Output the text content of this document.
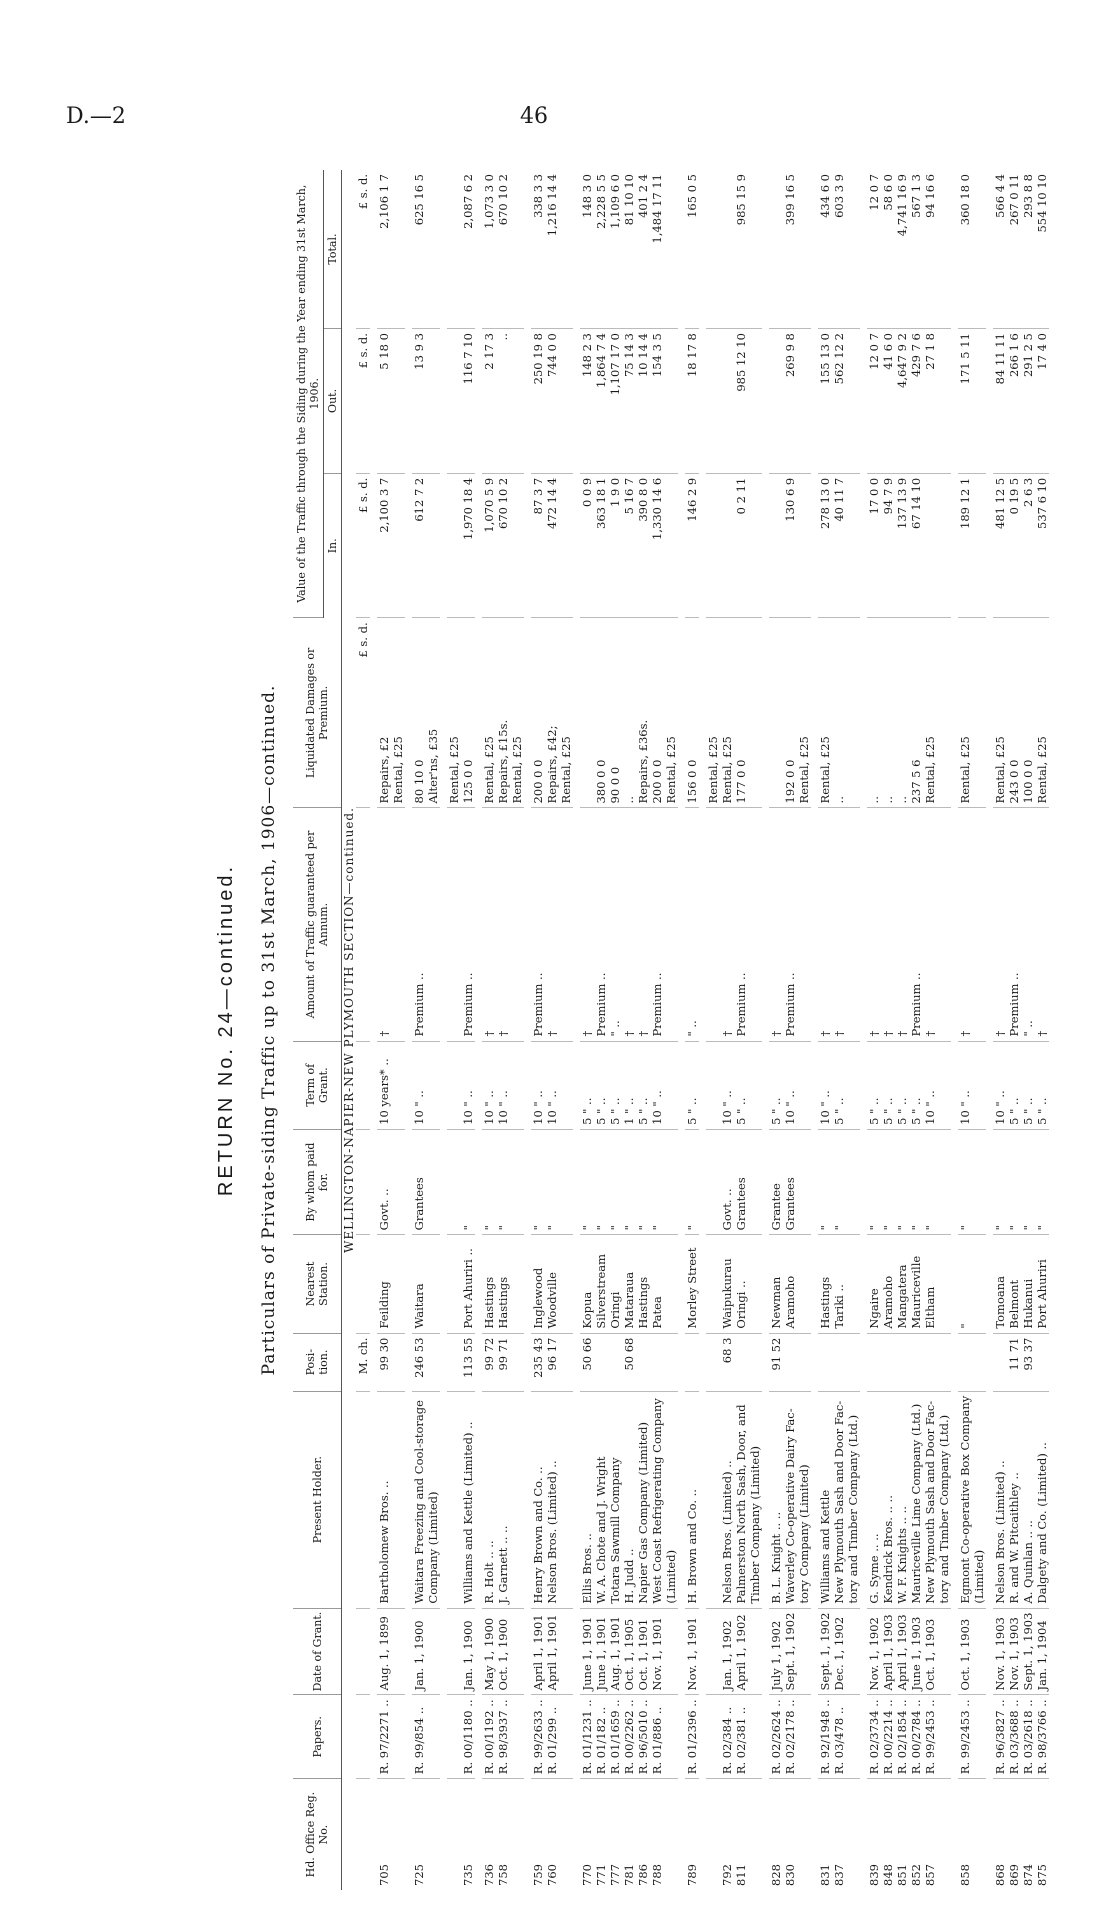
D.—2	46
RETURN No. 24—continued. Particulars of Private-siding Traffic up to 31st March, 1906—continued.
Hd. Office Reg. No.	Papers.	Date of Grant.	Present Holder.	Posi-tion.	Nearest Station.	By whom paid for.	Term of Grant.	Amount of Traffic guaranteed per Annum.	Liquidated Damages or Premium.	Value of the Traffic through the Siding during the Year ending 31st March, 1906.		
										In.	Out.	Total.
WELLINGTON-NAPIER-NEW PLYMOUTH SECTION—continued.												
				M. ch.					£ s. d.	£ s. d.	£ s. d.	£ s. d.

705	R. 97/2271 ..	Aug. 1, 1899	Bartholomew Bros. ..	99 30	Feilding	Govt. ..	10 years* ..	†	Repairs, £2	2,100 3 7	5 18 0	2,106 1 7
									Rental, £25			

725	R. 99/854 ..	Jan. 1, 1900	Waitara Freezing and Cool-storage	246 53	Waitara	Grantees	10 " ..	Premium ..	80 10 0	612 7 2	13 9 3	625 16 5
			Company (Limited)						Alter'ns, £35			

									Rental, £25			
735	R. 00/1180 ..	Jan. 1, 1900	Williams and Kettle (Limited) ..	113 55	Port Ahuriri ..	"	10 " ..	Premium ..	125 0 0	1,970 18 4	116 7 10	2,087 6 2

736	R. 00/1192 ..	May 1, 1900	R. Holt .. ..	99 72	Hastings	"	10 " ..	†	Rental, £25	1,070 5 9	2 17 3	1,073 3 0
758	R. 98/3937 ..	Oct. 1, 1900	J. Garnett .. ..	99 71	Hastings	"	10 " ..	†	Repairs, £15s.	670 10 2	..	670 10 2
									Rental, £25			

759	R. 99/2633 ..	April 1, 1901	Henry Brown and Co. ..	235 43	Inglewood	"	10 " ..	Premium ..	200 0 0	87 3 7	250 19 8	338 3 3
760	R. 01/299 ..	April 1, 1901	Nelson Bros. (Limited) ..	96 17	Woodville	"	10 " ..	†	Repairs, £42;	472 14 4	744 0 0	1,216 14 4
									Rental, £25			

770	R. 01/1231 ..	June 1, 1901	Ellis Bros. ..	50 66	Kopua	"	5 " ..	†		0 0 9	148 2 3	148 3 0
771	R. 01/182 ..	June 1, 1901	W. A. Chote and J. Wright		Silverstream	"	5 " ..	Premium ..	380 0 0	363 18 1	1,864 7 4	2,228 5 5
777	R. 01/1659 ..	Aug. 1, 1901	Totara Sawmill Company		Oringi	"	5 " ..	" ..	90 0 0	1 9 0	1,107 17 0	1,109 6 0
781	R. 00/2262 ..	Oct. 1, 1905	H. Judd ..	50 68	Mataraua	"	1 " ..	†	..	5 16 7	75 14 3	81 10 10
786	R. 96/5010 ..	Oct. 1, 1901	Napier Gas Company (Limited)		Hastings	"	5 " ..	†	Repairs, £36s.	390 8 0	10 14 4	401 2 4
788	R. 01/886 ..	Nov. 1, 1901	West Coast Refrigerating Company		Patea	"	10 " ..	Premium ..	200 0 0	1,330 14 6	154 3 5	1,484 17 11
			(Limited)						Rental, £25			

789	R. 01/2396 ..	Nov. 1, 1901	H. Brown and Co. ..		Morley Street	"	5 " ..	" ..	156 0 0	146 2 9	18 17 8	165 0 5

									Rental, £25			
792	R. 02/384 ..	Jan. 1, 1902	Nelson Bros. (Limited) ..	68 3	Waipukurau	Govt. ..	10 " ..	†	Rental, £25			
811	R. 02/381 ..	April 1, 1902	Palmerston North Sash, Door, and		Oringi ..	Grantees	5 " ..	Premium ..	177 0 0	0 2 11	985 12 10	985 15 9
			Timber Company (Limited)									

828	R. 02/2624 ..	July 1, 1902	B. L. Knight .. ..	91 52	Newman	Grantee	5 " ..	†				
830	R. 02/2178 ..	Sept. 1, 1902	Waverley Co-operative Dairy Fac-		Aramoho	Grantees	10 " ..	Premium ..	192 0 0	130 6 9	269 9 8	399 16 5
			tory Company (Limited)						Rental, £25			

831	R. 92/1948 ..	Sept. 1, 1902	Williams and Kettle		Hastings	"	10 " ..	†	Rental, £25	278 13 0	155 13 0	434 6 0
837	R. 03/478 ..	Dec. 1, 1902	New Plymouth Sash and Door Fac-		Tariki ..	"	5 " ..	†	..	40 11 7	562 12 2	603 3 9
			tory and Timber Company (Ltd.)									

839	R. 02/3734 ..	Nov. 1, 1902	G. Syme .. ..		Ngaire	"	5 " ..	†	..	17 0 0	12 0 7	12 0 7
848	R. 00/2214 ..	April 1, 1903	Kendrick Bros. .. ..		Aramoho	"	5 " ..	†	..	94 7 9	41 6 0	58 6 0
851	R. 02/1854 ..	April 1, 1903	W. F. Knights .. ..		Mangatera	"	5 " ..	†	..	137 13 9	4,647 9 2	4,741 16 9
852	R. 00/2784 ..	June 1, 1903	Mauriceville Lime Company (Ltd.)		Mauriceville	"	5 " ..	Premium ..	237 5 6	67 14 10	429 7 6	567 1 3
857	R. 99/2453 ..	Oct. 1, 1903	New Plymouth Sash and Door Fac-		Eltham	"	10 " ..	†	Rental, £25		27 1 8	94 16 6
			tory and Timber Company (Ltd.)									

858	R. 99/2453 ..	Oct. 1, 1903	Egmont Co-operative Box Company		"	"	10 " ..	†	Rental, £25	189 12 1	171 5 11	360 18 0
			(Limited)									

868	R. 96/3827 ..	Nov. 1, 1903	Nelson Bros. (Limited) ..		Tomoana	"	10 " ..	†	Rental, £25	481 12 5	84 11 11	566 4 4
869	R. 03/3688 ..	Nov. 1, 1903	R. and W. Pitcaithley ..	11 71	Belmont	"	5 " ..	Premium ..	243 0 0	0 19 5	266 1 6	267 0 11
874	R. 03/2618 ..	Sept. 1, 1903	A. Quinlan .. ..	93 37	Hukanui	"	5 " ..	" ..	100 0 0	2 6 3	291 2 5	293 8 8
875	R. 98/3766 ..	Jan. 1, 1904	Dalgety and Co. (Limited) ..		Port Ahuriri	"	5 " ..	†	Rental, £25	537 6 10	17 4 0	554 10 10
